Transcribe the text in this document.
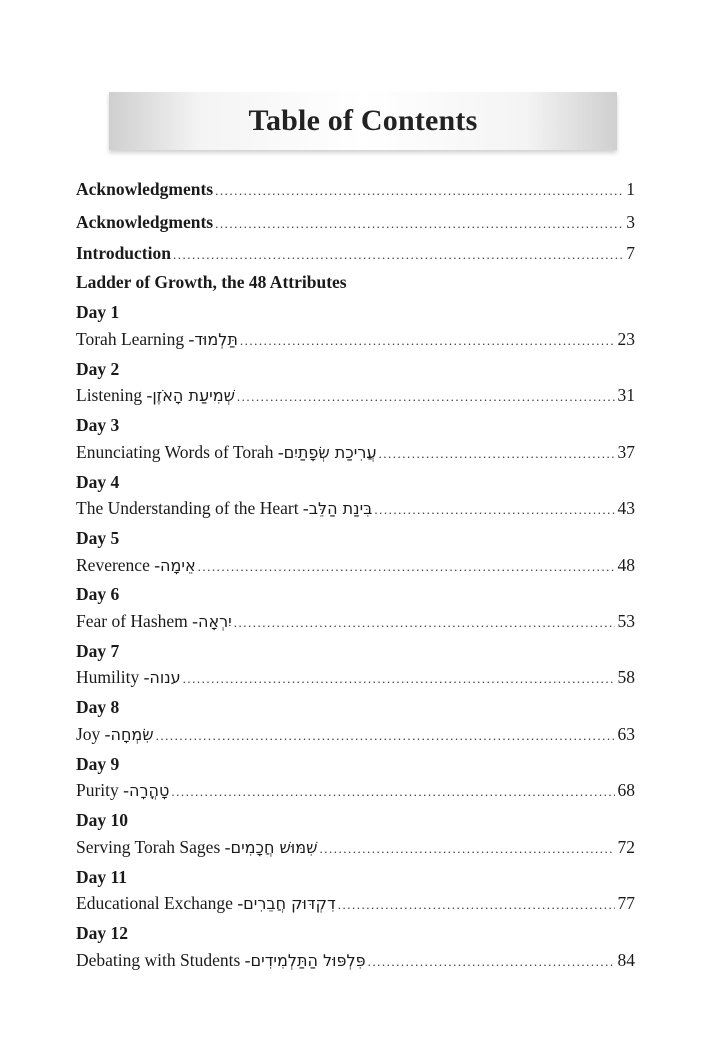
Table of Contents
Acknowledgments .....	1
Acknowledgments .....	3
Introduction .....	7
Ladder of Growth, the 48 Attributes
Day 1
Torah Learning - תַּלְמוּד .....	23
Day 2
Listening - שְׁמִיעַת הָאֹזֶן .....	31
Day 3
Enunciating Words of Torah - עֲרִיכַת שְׂפָתַיִם .....	37
Day 4
The Understanding of the Heart - בִּינַת הַלֵּב .....	43
Day 5
Reverence - אֵימָה .....	48
Day 6
Fear of Hashem - יִרְאָה .....	53
Day 7
Humility - ענוה .....	58
Day 8
Joy - שִׂמְחָה .....	63
Day 9
Purity - טָהֳרָה .....	68
Day 10
Serving Torah Sages - שִׁמּוּשׁ חֲכָמִים .....	72
Day 11
Educational Exchange - דִקְדּוּק חֲבֵרִים .....	77
Day 12
Debating with Students - פִּלְפּוּל הַתַּלְמִידִים .....	84
